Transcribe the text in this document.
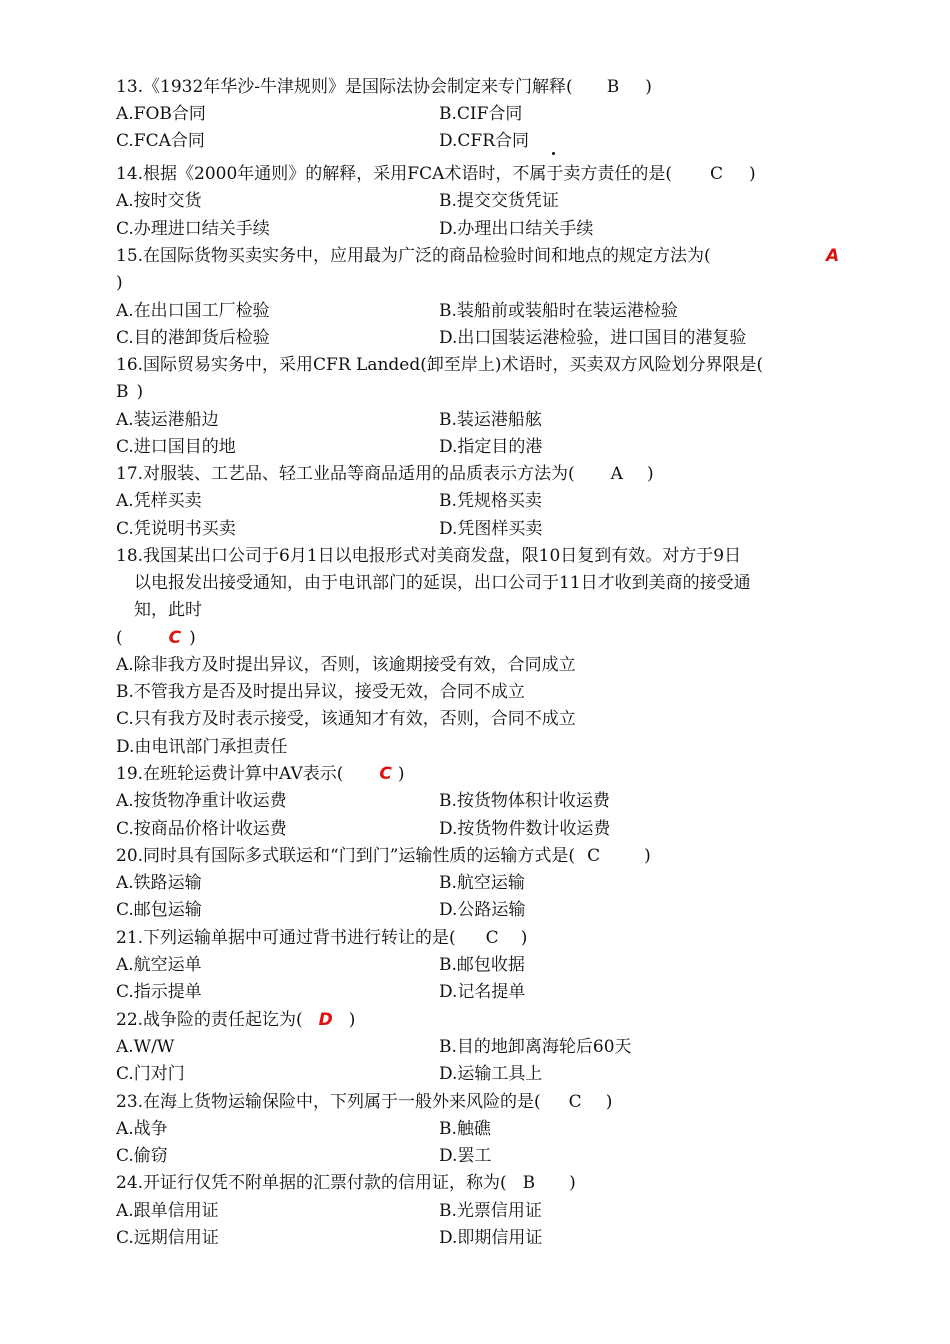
13.《1932年华沙-牛津规则》是国际法协会制定来专门解释( B )
A.FOB合同	B.CIF合同
C.FCA合同	D.CFR合同
14.根据《2000年通则》的解释，采用FCA术语时，不属于卖方责任的是( C )
A.按时交货	B.提交交货凭证
C.办理进口结关手续	D.办理出口结关手续
15.在国际货物买卖实务中，应用最为广泛的商品检验时间和地点的规定方法为(	A
)
A.在出口国工厂检验	B.装船前或装船时在装运港检验
C.目的港卸货后检验	D.出口国装运港检验，进口国目的港复验
16.国际贸易实务中，采用CFR Landed(卸至岸上)术语时，买卖双方风险划分界限是(
B )
A.装运港船边	B.装运港船舷
C.进口国目的地	D.指定目的港
17.对服装、工艺品、轻工业品等商品适用的品质表示方法为( A )
A.凭样买卖	B.凭规格买卖
C.凭说明书买卖	D.凭图样买卖
18.我国某出口公司于6月1日以电报形式对美商发盘，限10日复到有效。对方于9日
以电报发出接受通知，由于电讯部门的延误，出口公司于11日才收到美商的接受通
知，此时
(	C )
A.除非我方及时提出异议，否则，该逾期接受有效，合同成立
B.不管我方是否及时提出异议，接受无效，合同不成立
C.只有我方及时表示接受，该通知才有效，否则，合同不成立
D.由电讯部门承担责任
19.在班轮运费计算中AV表示( C )
A.按货物净重计收运费	B.按货物体积计收运费
C.按商品价格计收运费	D.按货物件数计收运费
20.同时具有国际多式联运和“门到门”运输性质的运输方式是( C	)
A.铁路运输	B.航空运输
C.邮包运输	D.公路运输
21.下列运输单据中可通过背书进行转让的是( C )
A.航空运单	B.邮包收据
C.指示提单	D.记名提单
22.战争险的责任起讫为( D )
A.W/W	B.目的地卸离海轮后60天
C.门对门	D.运输工具上
23.在海上货物运输保险中，下列属于一般外来风险的是( C )
A.战争	B.触礁
C.偷窃	D.罢工
24.开证行仅凭不附单据的汇票付款的信用证，称为( B )
A.跟单信用证	B.光票信用证
C.远期信用证	D.即期信用证
